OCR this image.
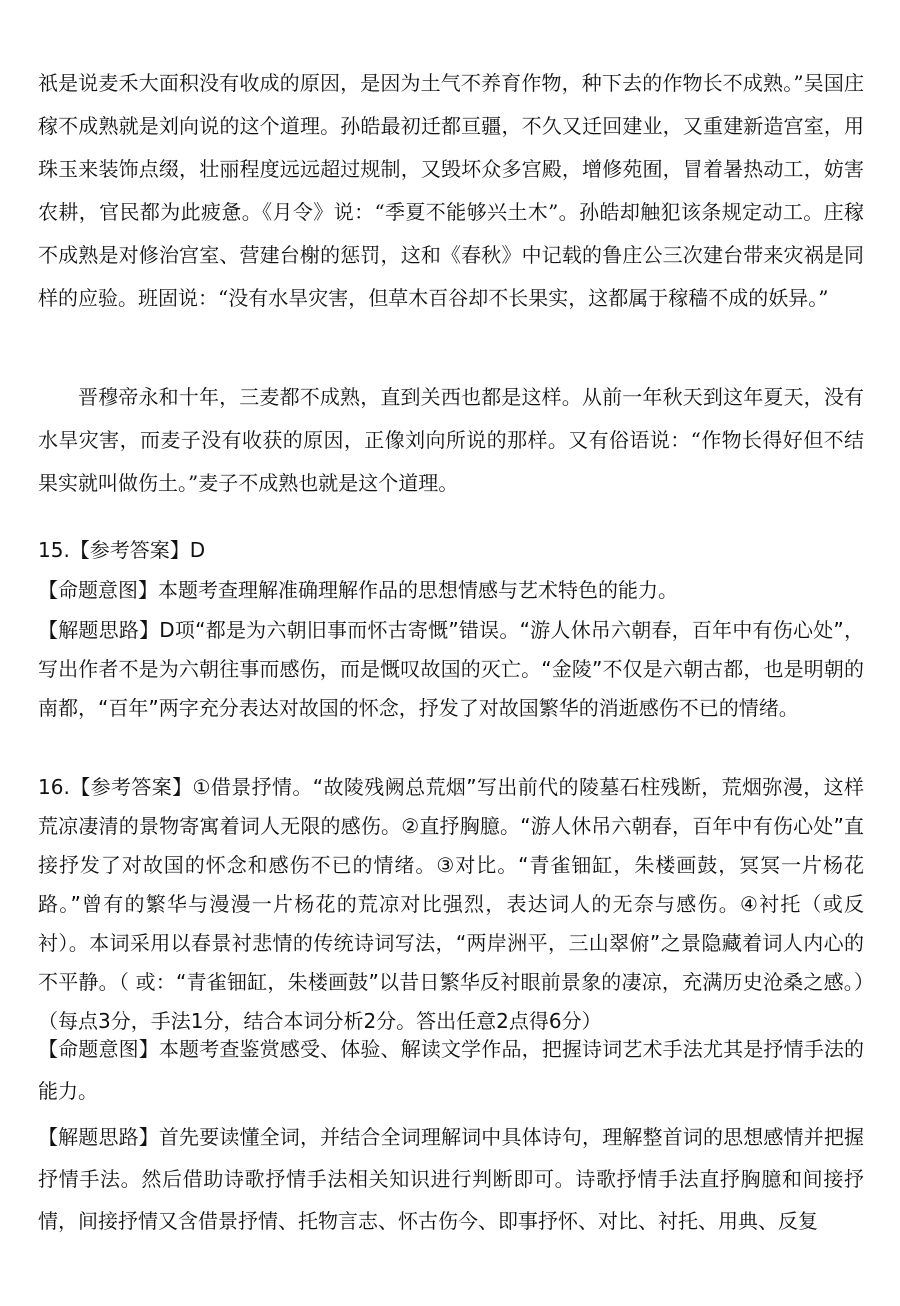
祇是说麦禾大面积没有收成的原因，是因为土气不养育作物，种下去的作物长不成熟。”吴国庄稼不成熟就是刘向说的这个道理。孙皓最初迁都亘疆，不久又迁回建业，又重建新造宫室，用珠玉来装饰点缀，壮丽程度远远超过规制，又毁坏众多宫殿，增修苑囿，冒着暑热动工，妨害农耕，官民都为此疲惫。《月令》说：“季夏不能够兴土木”。孙皓却触犯该条规定动工。庄稼不成熟是对修治宫室、营建台榭的惩罚，这和《春秋》中记载的鲁庄公三次建台带来灾祸是同样的应验。班固说：“没有水旱灾害，但草木百谷却不长果实，这都属于稼穑不成的妖异。”

晋穆帝永和十年，三麦都不成熟，直到关西也都是这样。从前一年秋天到这年夏天，没有水旱灾害，而麦子没有收获的原因，正像刘向所说的那样。又有俗语说：“作物长得好但不结果实就叫做伤土。”麦子不成熟也就是这个道理。

15.【参考答案】D

【命题意图】本题考查理解准确理解作品的思想情感与艺术特色的能力。

【解题思路】D项“都是为六朝旧事而怀古寄慨”错误。“游人休吊六朝春，百年中有伤心处”，写出作者不是为六朝往事而感伤，而是慨叹故国的灭亡。“金陵”不仅是六朝古都，也是明朝的南都，“百年”两字充分表达对故国的怀念，抒发了对故国繁华的消逝感伤不已的情绪。

16.【参考答案】①借景抒情。“故陵残阙总荒烟”写出前代的陵墓石柱残断，荒烟弥漫，这样荒凉凄清的景物寄寓着词人无限的感伤。②直抒胸臆。“游人休吊六朝春，百年中有伤心处”直接抒发了对故国的怀念和感伤不已的情绪。③对比。“青雀钿缸，朱楼画鼓，冥冥一片杨花路。”曾有的繁华与漫漫一片杨花的荒凉对比强烈，表达词人的无奈与感伤。④衬托（或反衬）。本词采用以春景衬悲情的传统诗词写法，“两岸洲平，三山翠俯”之景隐藏着词人内心的不平静。（ 或：“青雀钿缸，朱楼画鼓”以昔日繁华反衬眼前景象的凄凉，充满历史沧桑之感。）（每点3分，手法1分，结合本词分析2分。答出任意2点得6分）

【命题意图】本题考查鉴赏感受、体验、解读文学作品，把握诗词艺术手法尤其是抒情手法的能力。

【解题思路】首先要读懂全词，并结合全词理解词中具体诗句，理解整首词的思想感情并把握抒情手法。然后借助诗歌抒情手法相关知识进行判断即可。诗歌抒情手法直抒胸臆和间接抒情，间接抒情又含借景抒情、托物言志、怀古伤今、即事抒怀、对比、衬托、用典、反复
